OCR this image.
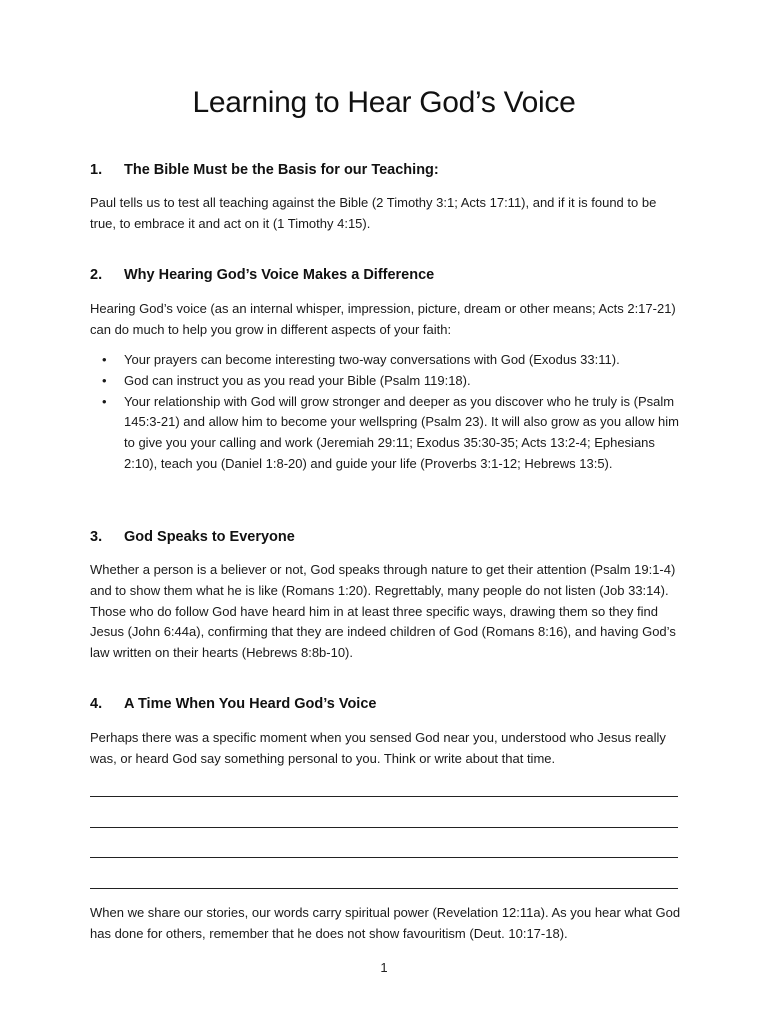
Learning to Hear God’s Voice
1. The Bible Must be the Basis for our Teaching:

Paul tells us to test all teaching against the Bible (2 Timothy 3:1; Acts 17:11), and if it is found to be true, to embrace it and act on it (1 Timothy 4:15).

2. Why Hearing God’s Voice Makes a Difference

Hearing God’s voice (as an internal whisper, impression, picture, dream or other means; Acts 2:17-21) can do much to help you grow in different aspects of your faith:

• Your prayers can become interesting two-way conversations with God (Exodus 33:11).
• God can instruct you as you read your Bible (Psalm 119:18).
• Your relationship with God will grow stronger and deeper as you discover who he truly is (Psalm 145:3-21) and allow him to become your wellspring (Psalm 23). It will also grow as you allow him to give you your calling and work (Jeremiah 29:11; Exodus 35:30-35; Acts 13:2-4; Ephesians 2:10), teach you (Daniel 1:8-20) and guide your life (Proverbs 3:1-12; Hebrews 13:5).
3. God Speaks to Everyone

Whether a person is a believer or not, God speaks through nature to get their attention (Psalm 19:1-4) and to show them what he is like (Romans 1:20). Regrettably, many people do not listen (Job 33:14). Those who do follow God have heard him in at least three specific ways, drawing them so they find Jesus (John 6:44a), confirming that they are indeed children of God (Romans 8:16), and having God’s law written on their hearts (Hebrews 8:8b-10).

4. A Time When You Heard God’s Voice

Perhaps there was a specific moment when you sensed God near you, understood who Jesus really was, or heard God say something personal to you. Think or write about that time.

When we share our stories, our words carry spiritual power (Revelation 12:11a). As you hear what God has done for others, remember that he does not show favouritism (Deut. 10:17-18).

1
